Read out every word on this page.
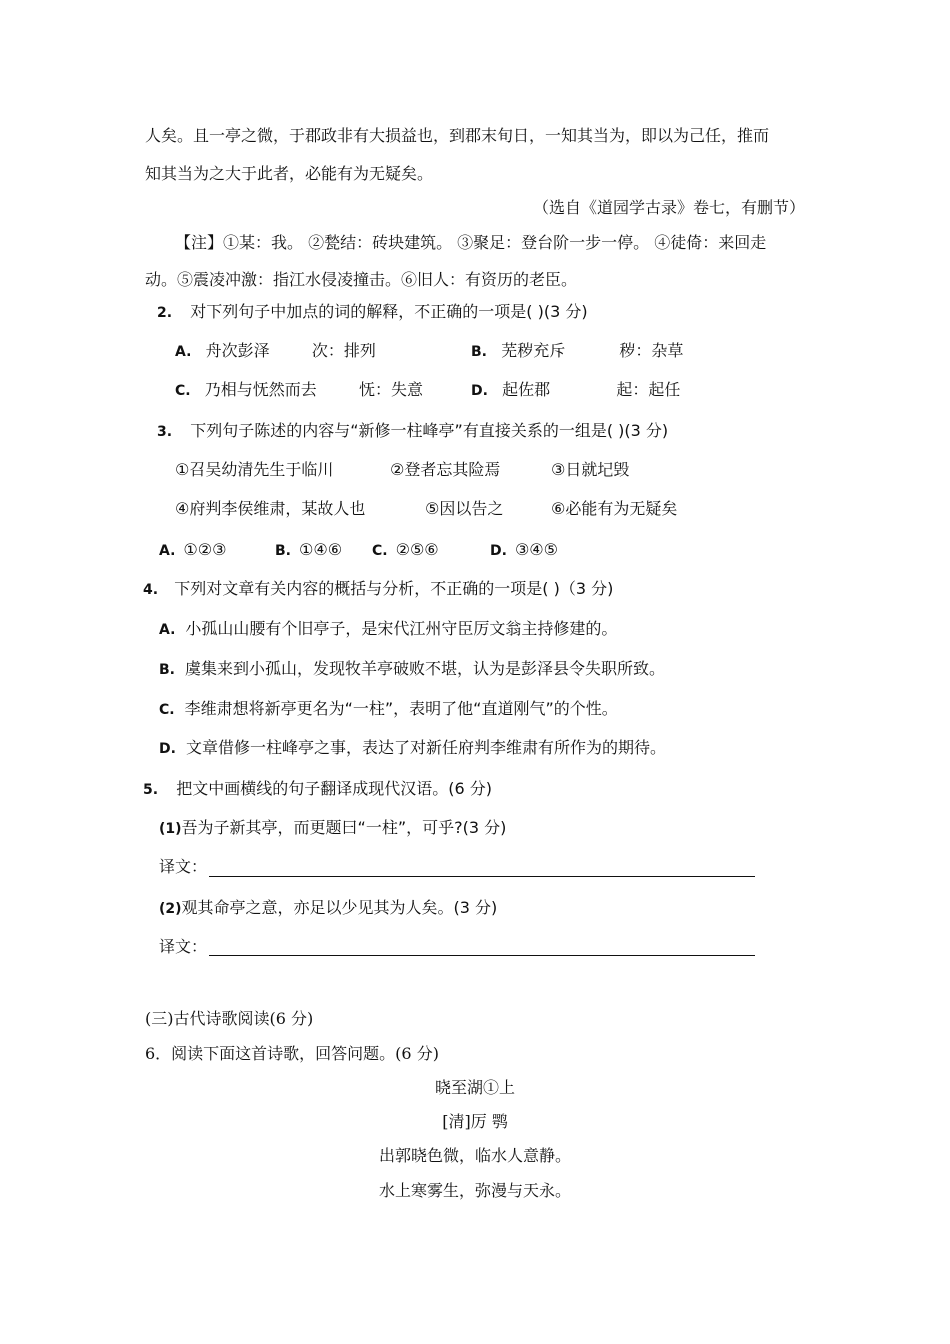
人矣。且一亭之微，于郡政非有大损益也，到郡末旬日，一知其当为，即以为己任，推而
知其当为之大于此者，必能有为无疑矣。
（选自《道园学古录》卷七，有删节）
【注】①某：我。 ②甃结：砖块建筑。 ③聚足：登台阶一步一停。 ④徒倚：来回走
动。⑤震凌冲激：指江水侵凌撞击。⑥旧人：有资历的老臣。
2. 对下列句子中加点的词的解释，不正确的一项是( )(3 分)
A. 舟次彭泽	次：排列	B. 芜秽充斥	秽：杂草
C. 乃相与怃然而去	怃：失意	D. 起佐郡	起：起任
3. 下列句子陈述的内容与“新修一柱峰亭”有直接关系的一组是( )(3 分)
①召吴幼清先生于临川	②登者忘其险焉	③日就圮毁
④府判李侯维肃，某故人也	⑤因以告之	⑥必能有为无疑矣
A. ①②③	B. ①④⑥ C. ②⑤⑥	D. ③④⑤
4. 下列对文章有关内容的概括与分析，不正确的一项是( )（3 分)
A. 小孤山山腰有个旧亭子，是宋代江州守臣厉文翁主持修建的。
B. 虞集来到小孤山，发现牧羊亭破败不堪，认为是彭泽县令失职所致。
C. 李维肃想将新亭更名为“一柱”，表明了他“直道刚气”的个性。
D. 文章借修一柱峰亭之事，表达了对新任府判李维肃有所作为的期待。
5. 把文中画横线的句子翻译成现代汉语。(6 分)
(1)吾为子新其亭，而更题曰“一柱”，可乎?(3 分)
译文：
(2)观其命亭之意，亦足以少见其为人矣。(3 分)
译文：
(三)古代诗歌阅读(6 分)
6．阅读下面这首诗歌，回答问题。(6 分)
晓至湖①上
[清]厉 鹗
出郭晓色微，临水人意静。
水上寒雾生，弥漫与天永。
